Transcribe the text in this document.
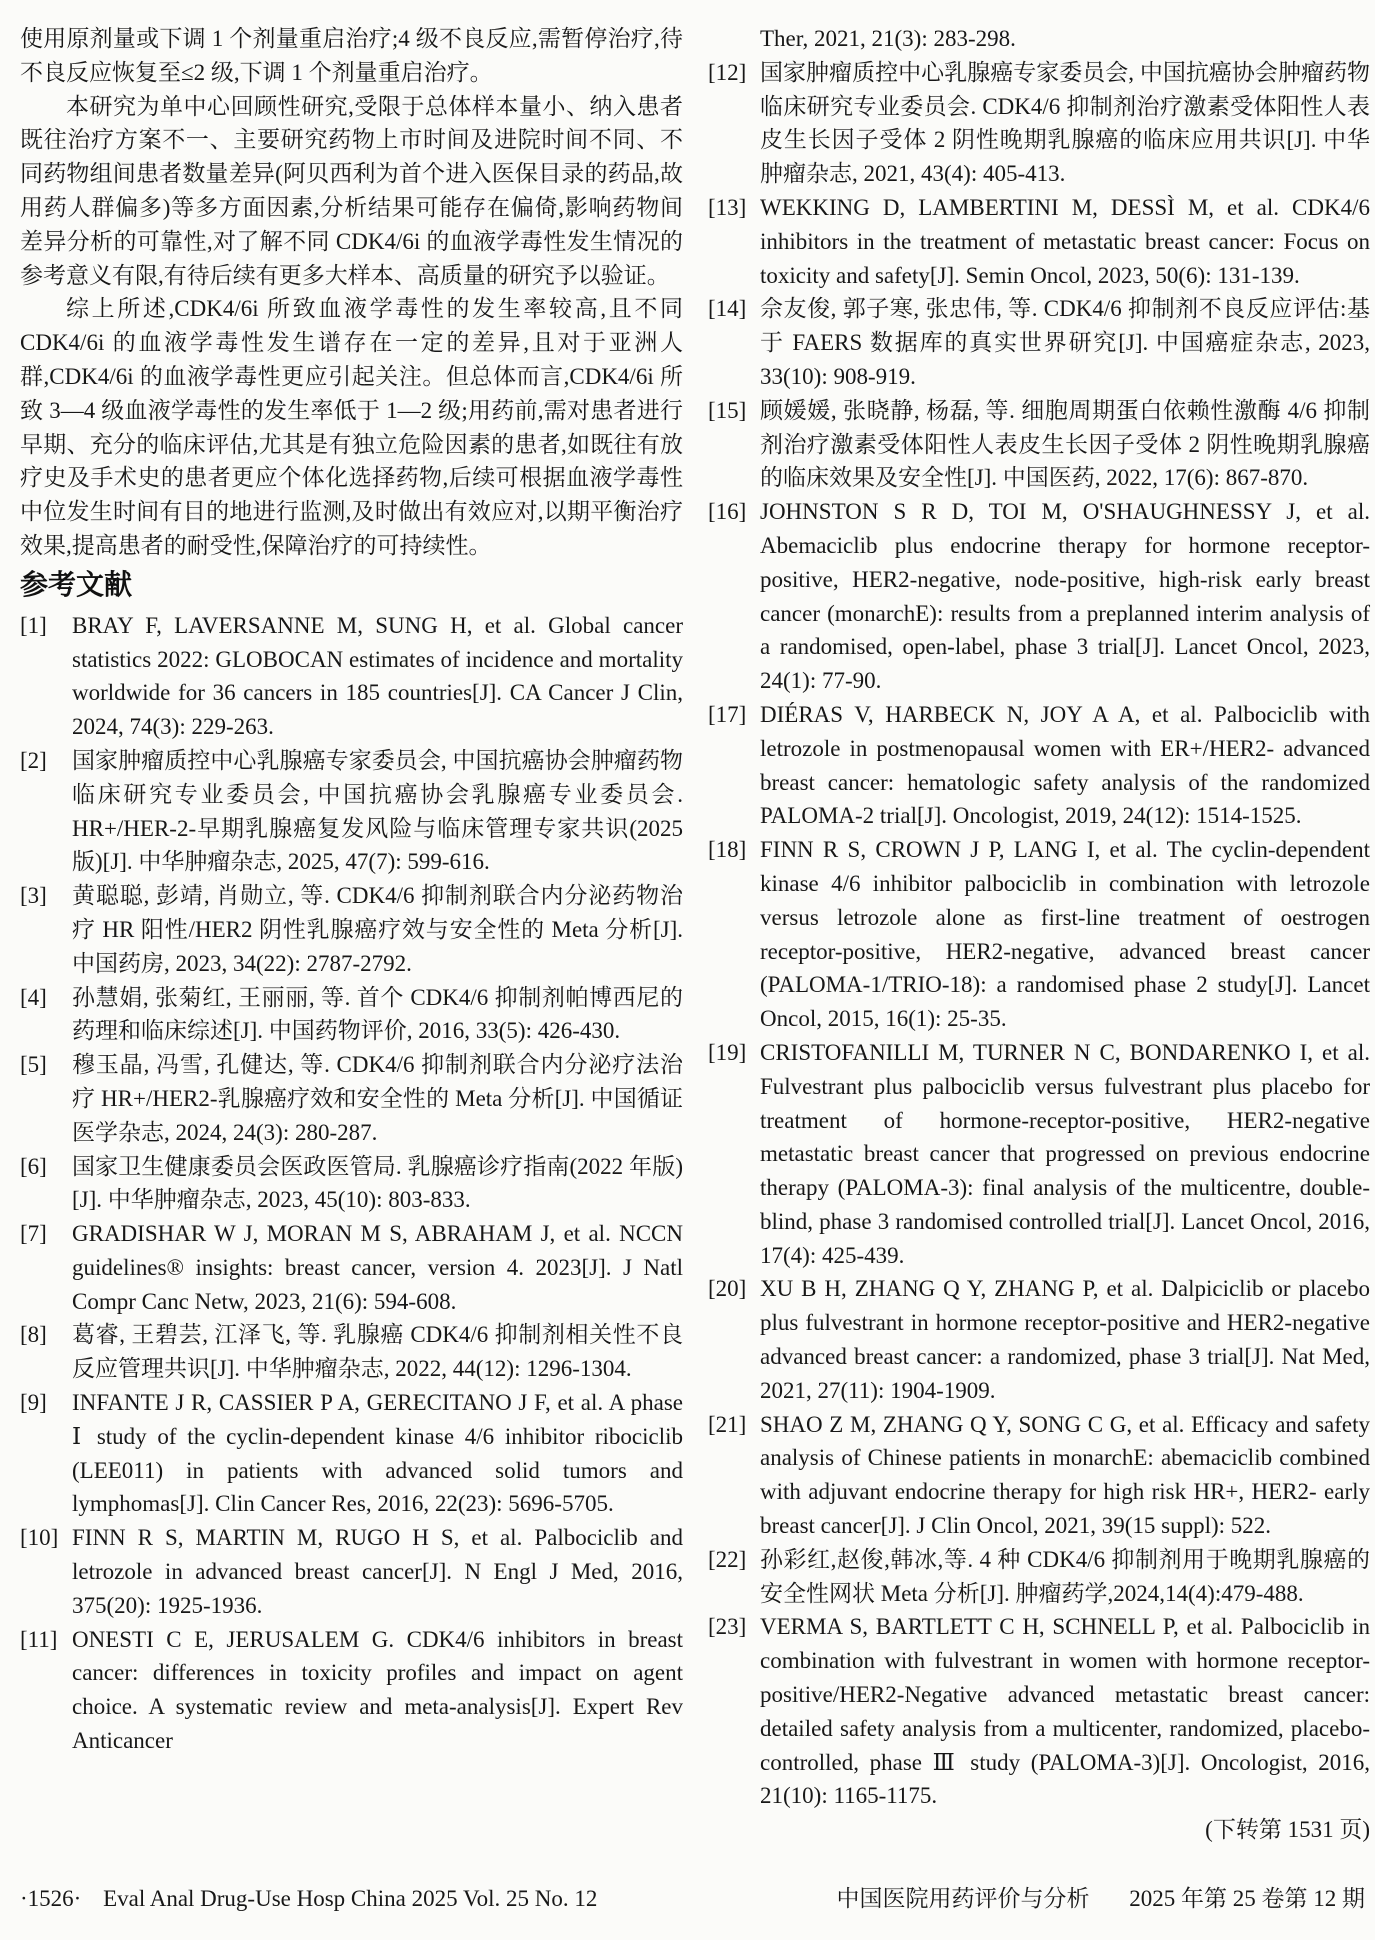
使用原剂量或下调 1 个剂量重启治疗;4 级不良反应,需暂停治疗,待不良反应恢复至≤2 级,下调 1 个剂量重启治疗。

本研究为单中心回顾性研究,受限于总体样本量小、纳入患者既往治疗方案不一、主要研究药物上市时间及进院时间不同、不同药物组间患者数量差异(阿贝西利为首个进入医保目录的药品,故用药人群偏多)等多方面因素,分析结果可能存在偏倚,影响药物间差异分析的可靠性,对了解不同 CDK4/6i 的血液学毒性发生情况的参考意义有限,有待后续有更多大样本、高质量的研究予以验证。

综上所述,CDK4/6i 所致血液学毒性的发生率较高,且不同 CDK4/6i 的血液学毒性发生谱存在一定的差异,且对于亚洲人群,CDK4/6i 的血液学毒性更应引起关注。但总体而言,CDK4/6i 所致 3—4 级血液学毒性的发生率低于 1—2 级;用药前,需对患者进行早期、充分的临床评估,尤其是有独立危险因素的患者,如既往有放疗史及手术史的患者更应个体化选择药物,后续可根据血液学毒性中位发生时间有目的地进行监测,及时做出有效应对,以期平衡治疗效果,提高患者的耐受性,保障治疗的可持续性。

参考文献
[1]	BRAY F, LAVERSANNE M, SUNG H, et al. Global cancer statistics 2022: GLOBOCAN estimates of incidence and mortality worldwide for 36 cancers in 185 countries[J]. CA Cancer J Clin, 2024, 74(3): 229-263.
[2]	国家肿瘤质控中心乳腺癌专家委员会, 中国抗癌协会肿瘤药物临床研究专业委员会, 中国抗癌协会乳腺癌专业委员会. HR+/HER-2-早期乳腺癌复发风险与临床管理专家共识(2025 版)[J]. 中华肿瘤杂志, 2025, 47(7): 599-616.
[3]	黄聪聪, 彭靖, 肖勋立, 等. CDK4/6 抑制剂联合内分泌药物治疗 HR 阳性/HER2 阴性乳腺癌疗效与安全性的 Meta 分析[J]. 中国药房, 2023, 34(22): 2787-2792.
[4]	孙慧娟, 张菊红, 王丽丽, 等. 首个 CDK4/6 抑制剂帕博西尼的药理和临床综述[J]. 中国药物评价, 2016, 33(5): 426-430.
[5]	穆玉晶, 冯雪, 孔健达, 等. CDK4/6 抑制剂联合内分泌疗法治疗 HR+/HER2-乳腺癌疗效和安全性的 Meta 分析[J]. 中国循证医学杂志, 2024, 24(3): 280-287.
[6]	国家卫生健康委员会医政医管局. 乳腺癌诊疗指南(2022 年版)[J]. 中华肿瘤杂志, 2023, 45(10): 803-833.
[7]	GRADISHAR W J, MORAN M S, ABRAHAM J, et al. NCCN guidelines® insights: breast cancer, version 4. 2023[J]. J Natl Compr Canc Netw, 2023, 21(6): 594-608.
[8]	葛睿, 王碧芸, 江泽飞, 等. 乳腺癌 CDK4/6 抑制剂相关性不良反应管理共识[J]. 中华肿瘤杂志, 2022, 44(12): 1296-1304.
[9]	INFANTE J R, CASSIER P A, GERECITANO J F, et al. A phase Ⅰ study of the cyclin-dependent kinase 4/6 inhibitor ribociclib (LEE011) in patients with advanced solid tumors and lymphomas[J]. Clin Cancer Res, 2016, 22(23): 5696-5705.
[10] FINN R S, MARTIN M, RUGO H S, et al. Palbociclib and letrozole in advanced breast cancer[J]. N Engl J Med, 2016, 375(20): 1925-1936.
[11] ONESTI C E, JERUSALEM G. CDK4/6 inhibitors in breast cancer: differences in toxicity profiles and impact on agent choice. A systematic review and meta-analysis[J]. Expert Rev Anticancer
Ther, 2021, 21(3): 283-298.
[12] 国家肿瘤质控中心乳腺癌专家委员会, 中国抗癌协会肿瘤药物临床研究专业委员会. CDK4/6 抑制剂治疗激素受体阳性人表皮生长因子受体 2 阴性晚期乳腺癌的临床应用共识[J]. 中华肿瘤杂志, 2021, 43(4): 405-413.
[13] WEKKING D, LAMBERTINI M, DESSÌ M, et al. CDK4/6 inhibitors in the treatment of metastatic breast cancer: Focus on toxicity and safety[J]. Semin Oncol, 2023, 50(6): 131-139.
[14] 佘友俊, 郭子寒, 张忠伟, 等. CDK4/6 抑制剂不良反应评估:基于 FAERS 数据库的真实世界研究[J]. 中国癌症杂志, 2023, 33(10): 908-919.
[15] 顾媛媛, 张晓静, 杨磊, 等. 细胞周期蛋白依赖性激酶 4/6 抑制剂治疗激素受体阳性人表皮生长因子受体 2 阴性晚期乳腺癌的临床效果及安全性[J]. 中国医药, 2022, 17(6): 867-870.
[16] JOHNSTON S R D, TOI M, O'SHAUGHNESSY J, et al. Abemaciclib plus endocrine therapy for hormone receptor-positive, HER2-negative, node-positive, high-risk early breast cancer (monarchE): results from a preplanned interim analysis of a randomised, open-label, phase 3 trial[J]. Lancet Oncol, 2023, 24(1): 77-90.
[17] DIÉRAS V, HARBECK N, JOY A A, et al. Palbociclib with letrozole in postmenopausal women with ER+/HER2- advanced breast cancer: hematologic safety analysis of the randomized PALOMA-2 trial[J]. Oncologist, 2019, 24(12): 1514-1525.
[18] FINN R S, CROWN J P, LANG I, et al. The cyclin-dependent kinase 4/6 inhibitor palbociclib in combination with letrozole versus letrozole alone as first-line treatment of oestrogen receptor-positive, HER2-negative, advanced breast cancer (PALOMA-1/TRIO-18): a randomised phase 2 study[J]. Lancet Oncol, 2015, 16(1): 25-35.
[19] CRISTOFANILLI M, TURNER N C, BONDARENKO I, et al. Fulvestrant plus palbociclib versus fulvestrant plus placebo for treatment of hormone-receptor-positive, HER2-negative metastatic breast cancer that progressed on previous endocrine therapy (PALOMA-3): final analysis of the multicentre, double-blind, phase 3 randomised controlled trial[J]. Lancet Oncol, 2016, 17(4): 425-439.
[20] XU B H, ZHANG Q Y, ZHANG P, et al. Dalpiciclib or placebo plus fulvestrant in hormone receptor-positive and HER2-negative advanced breast cancer: a randomized, phase 3 trial[J]. Nat Med, 2021, 27(11): 1904-1909.
[21] SHAO Z M, ZHANG Q Y, SONG C G, et al. Efficacy and safety analysis of Chinese patients in monarchE: abemaciclib combined with adjuvant endocrine therapy for high risk HR+, HER2- early breast cancer[J]. J Clin Oncol, 2021, 39(15 suppl): 522.
[22] 孙彩红,赵俊,韩冰,等. 4 种 CDK4/6 抑制剂用于晚期乳腺癌的安全性网状 Meta 分析[J]. 肿瘤药学,2024,14(4):479-488.
[23] VERMA S, BARTLETT C H, SCHNELL P, et al. Palbociclib in combination with fulvestrant in women with hormone receptor-positive/HER2-Negative advanced metastatic breast cancer: detailed safety analysis from a multicenter, randomized, placebo-controlled, phase Ⅲ study (PALOMA-3)[J]. Oncologist, 2016, 21(10): 1165-1175.
(下转第 1531 页)
·1526· Eval Anal Drug-Use Hosp China 2025 Vol. 25 No. 12	中国医院用药评价与分析 2025 年第 25 卷第 12 期
